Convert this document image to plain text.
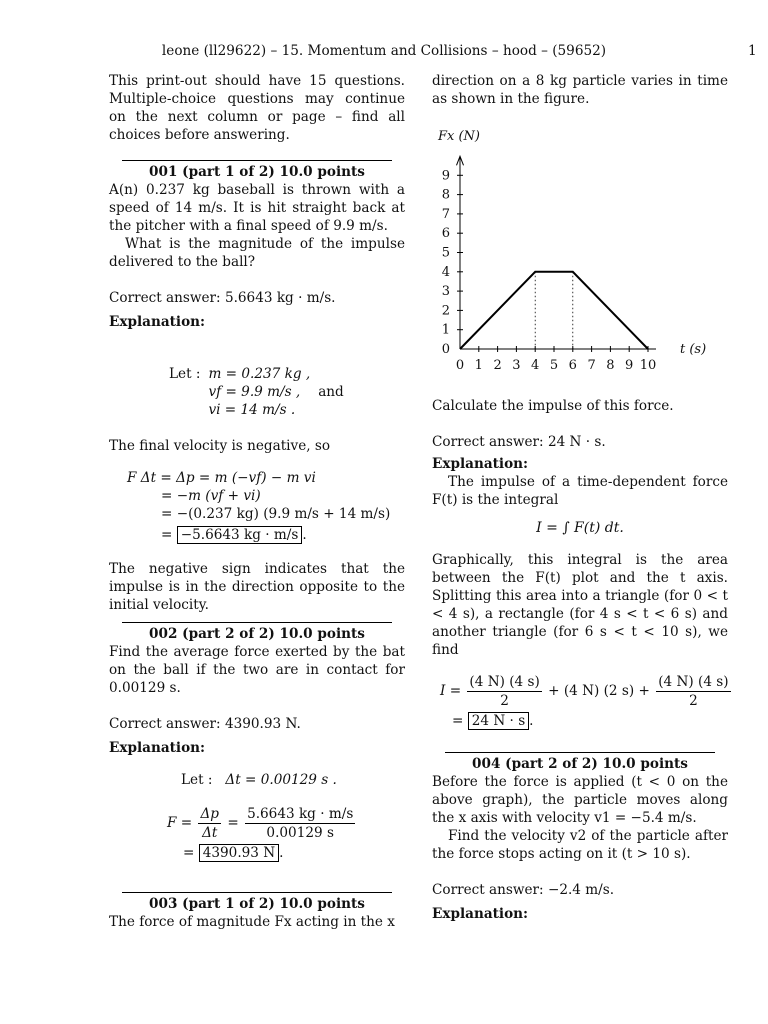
leone (ll29622) – 15. Momentum and Collisions – hood – (59652)	1

This print-out should have 15 questions. Multiple-choice questions may continue on the next column or page – find all choices before answering.

001 (part 1 of 2) 10.0 points

A(n) 0.237 kg baseball is thrown with a speed of 14 m/s. It is hit straight back at the pitcher with a final speed of 9.9 m/s.

What is the magnitude of the impulse delivered to the ball?

Correct answer: 5.6643 kg · m/s.

Explanation:

Let :	m = 0.237 kg ,	
	vf = 9.9 m/s ,	and
	vi = 14 m/s .	

The final velocity is negative, so

F Δt = Δp = m (−vf) − m vi
= −m (vf + vi)
= −(0.237 kg) (9.9 m/s + 14 m/s)
= −5.6643 kg · m/s .

The negative sign indicates that the impulse is in the direction opposite to the initial velocity.

002 (part 2 of 2) 10.0 points

Find the average force exerted by the bat on the ball if the two are in contact for 0.00129 s.

Correct answer: 4390.93 N.

Explanation:

Let : Δt = 0.00129 s .
$F = \frac{\Delta p}{\Delta t} = \frac{5.6643 kg \cdot m/s}{0.00129 s}$
= 4390.93 N .
003 (part 1 of 2) 10.0 points

The force of magnitude Fx acting in the x

direction on a 8 kg particle varies in time as shown in the figure.

0
1
2
3
4
5
6
7
8
9
0 1 2 3 4 5 6 7 8 9 10
Fx (N)
t (s)

Calculate the impulse of this force.

Correct answer: 24 N · s.

Explanation:

The impulse of a time-dependent force F(t) is the integral

I = ∫ F(t) dt.

Graphically, this integral is the area between the F(t) plot and the t axis. Splitting this area into a triangle (for 0 < t < 4 s), a rectangle (for 4 s < t < 6 s) and another triangle (for 6 s < t < 10 s), we find

$I = \frac{(4 N) (4 s)}{2} + (4$ N) (2 $s) + \frac{(4 N) (4 s)}{2}$
= 24 N · s .
004 (part 2 of 2) 10.0 points

Before the force is applied (t < 0 on the above graph), the particle moves along the x axis with velocity v1 = −5.4 m/s.

Find the velocity v2 of the particle after the force stops acting on it (t > 10 s).

Correct answer: −2.4 m/s.

Explanation:
